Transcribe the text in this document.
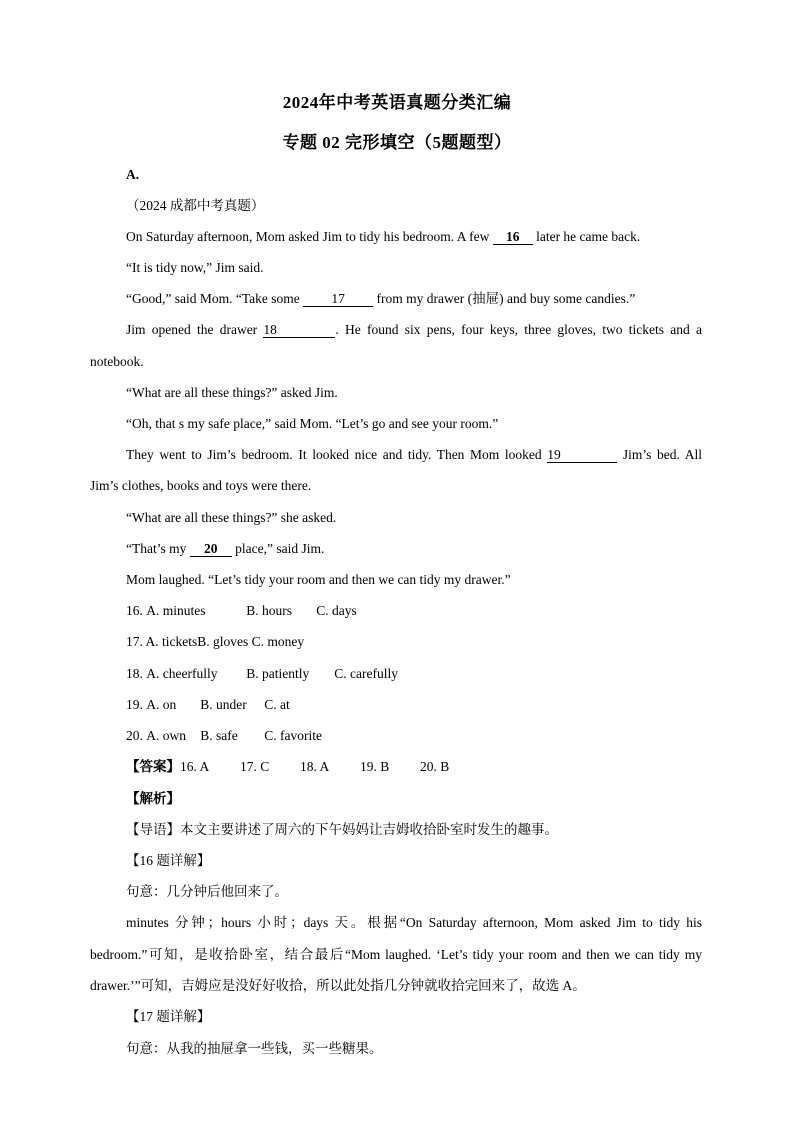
2024年中考英语真题分类汇编
专题 02 完形填空（5题题型）
A.
（2024 成都中考真题）
On Saturday afternoon, Mom asked Jim to tidy his bedroom. A few 16 later he came back.
“It is tidy now,” Jim said.
“Good,” said Mom. “Take some 17 from my drawer (抽屉) and buy some candies.”
Jim opened the drawer 18	. He found six pens, four keys, three gloves, two tickets and a
notebook.
“What are all these things?” asked Jim.
“Oh, that s my safe place,” said Mom. “Let’s go and see your room.”
They went to Jim’s bedroom. It looked nice and tidy. Then Mom looked 19	Jim’s bed. All
Jim’s clothes, books and toys were there.
“What are all these things?” she asked.
“That’s my 20 place,” said Jim.
Mom laughed. “Let’s tidy your room and then we can tidy my drawer.”
16. A. minutes	B. hours C. days
17. A. ticketsB. gloves C. money
18. A. cheerfully B. patiently C. carefully
19. A. on B. under C. at
20. A. own B. safe C. favorite
【答案】16. A 17. C 18. A 19. B 20. B
【解析】
【导语】本文主要讲述了周六的下午妈妈让吉姆收拾卧室时发生的趣事。
【16 题详解】
句意：几分钟后他回来了。
minutes 分钟；hours 小时；days 天。根据“On Saturday afternoon, Mom asked Jim to tidy his
bedroom.”可知，是收拾卧室，结合最后“Mom laughed. ‘Let’s tidy your room and then we can tidy my
drawer.’”可知，吉姆应是没好好收拾，所以此处指几分钟就收拾完回来了，故选 A。
【17 题详解】
句意：从我的抽屉拿一些钱，买一些糖果。
